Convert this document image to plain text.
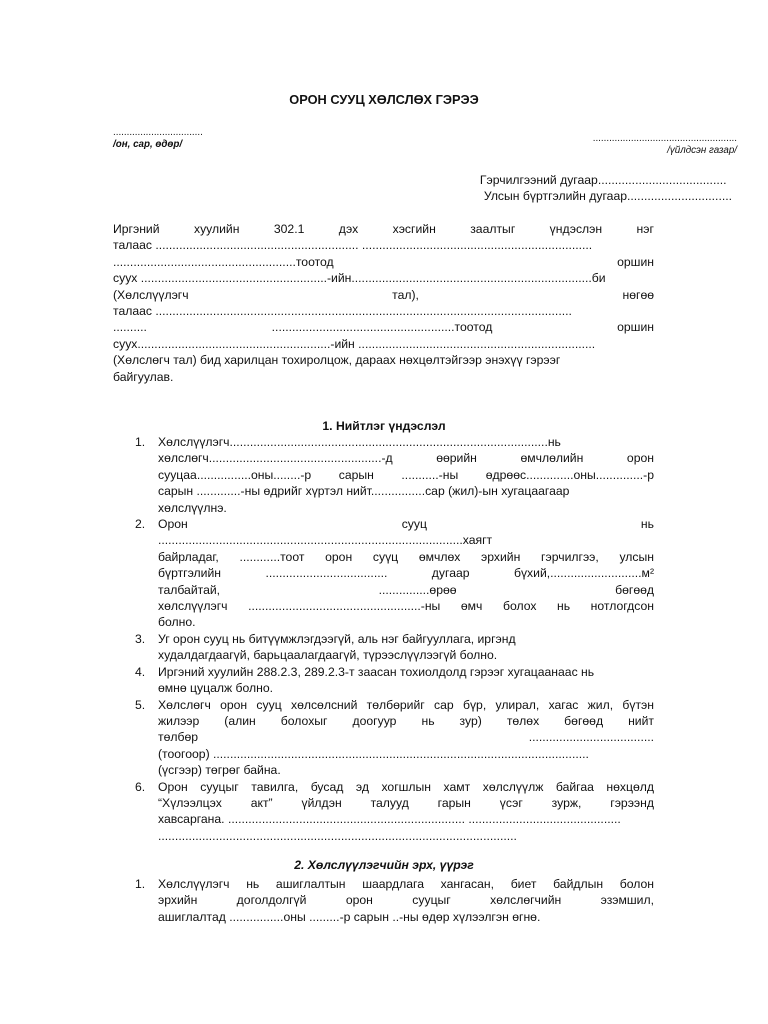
ОРОН СУУЦ ХӨЛСЛӨХ ГЭРЭЭ
.................................
/он, сар, өдөр/
.....................................................
/үйлдсэн газар/
Гэрчилгээний дугаар......................................
Улсын бүртгэлийн дугаар...............................
Иргэний	хуулийн	302.1	дэх	хэсгийн	заалтыг	үндэслэн	нэг
талаас ............................................................ ....................................................................
......................................................тоотод	оршин
суух .......................................................-ийн.......................................................................би
(Хөлслүүлэгч	тал),	нөгөө
талаас ...........................................................................................................................
..........	......................................................тоотод	оршин
суух.........................................................-ийн ......................................................................
(Хөлслөгч тал) бид харилцан тохиролцож, дараах нөхцөлтэйгээр энэхүү гэрээг
байгуулав.
1. Нийтлэг үндэслэл
1. Хөлслүүлэгч..............................................................................................нь
хөлслөгч...................................................-д өөрийн өмчлөлийн орон
сууцаа................оны........-р сарын ...........-ны өдрөөс..............оны..............-р
сарын .............-ны өдрийг хүртэл нийт................сар (жил)-ын хугацаагаар
хөлслүүлнэ.
2. Орон сууц нь
..........................................................................................хаягт
байрладаг, ............тоот орон суүц өмчлөх эрхийн гэрчилгээ, улсын
бүртгэлийн .................................... дугаар бүхий,...........................м²
талбайтай, ...............өрөө бөгөөд
хөлслүүлэгч ...................................................-ны өмч болох нь нотлогдсон
болно.
3. Уг орон сууц нь битүүмжлэгдээгүй, аль нэг байгууллага, иргэнд
худалдагдаагүй, барьцаалагдаагүй, түрээслүүлээгүй болно.
4. Иргэний хуулийн 288.2.3, 289.2.3-т заасан тохиолдолд гэрээг хугацаанаас нь
өмнө цуцалж болно.
5. Хөлслөгч орон сууц хөлсөлсний төлбөрийг сар бүр, улирал, хагас жил, бүтэн
жилээр (алин болохыг доогуур нь зур) төлөх бөгөөд нийт
төлбөр .....................................
(тоогоор) ...............................................................................................................
(үсгээр) төгрөг байна.
6. Орон сууцыг тавилга, бусад эд хогшлын хамт хөлслүүлж байгаа нөхцөлд
“Хүлээлцэх акт” үйлдэн талууд гарын үсэг зурж, гэрээнд
хавсаргана. ...................................................................... .............................................
..........................................................................................................
2. Хөлслүүлэгчийн эрх, үүрэг
1. Хөлслүүлэгч нь ашиглалтын шаардлага хангасан, биет байдлын болон
эрхийн доголдолгүй орон сууцыг хөлслөгчийн эзэмшил,
ашиглалтад ................оны .........-р сарын ..-ны өдөр хүлээлгэн өгнө.
